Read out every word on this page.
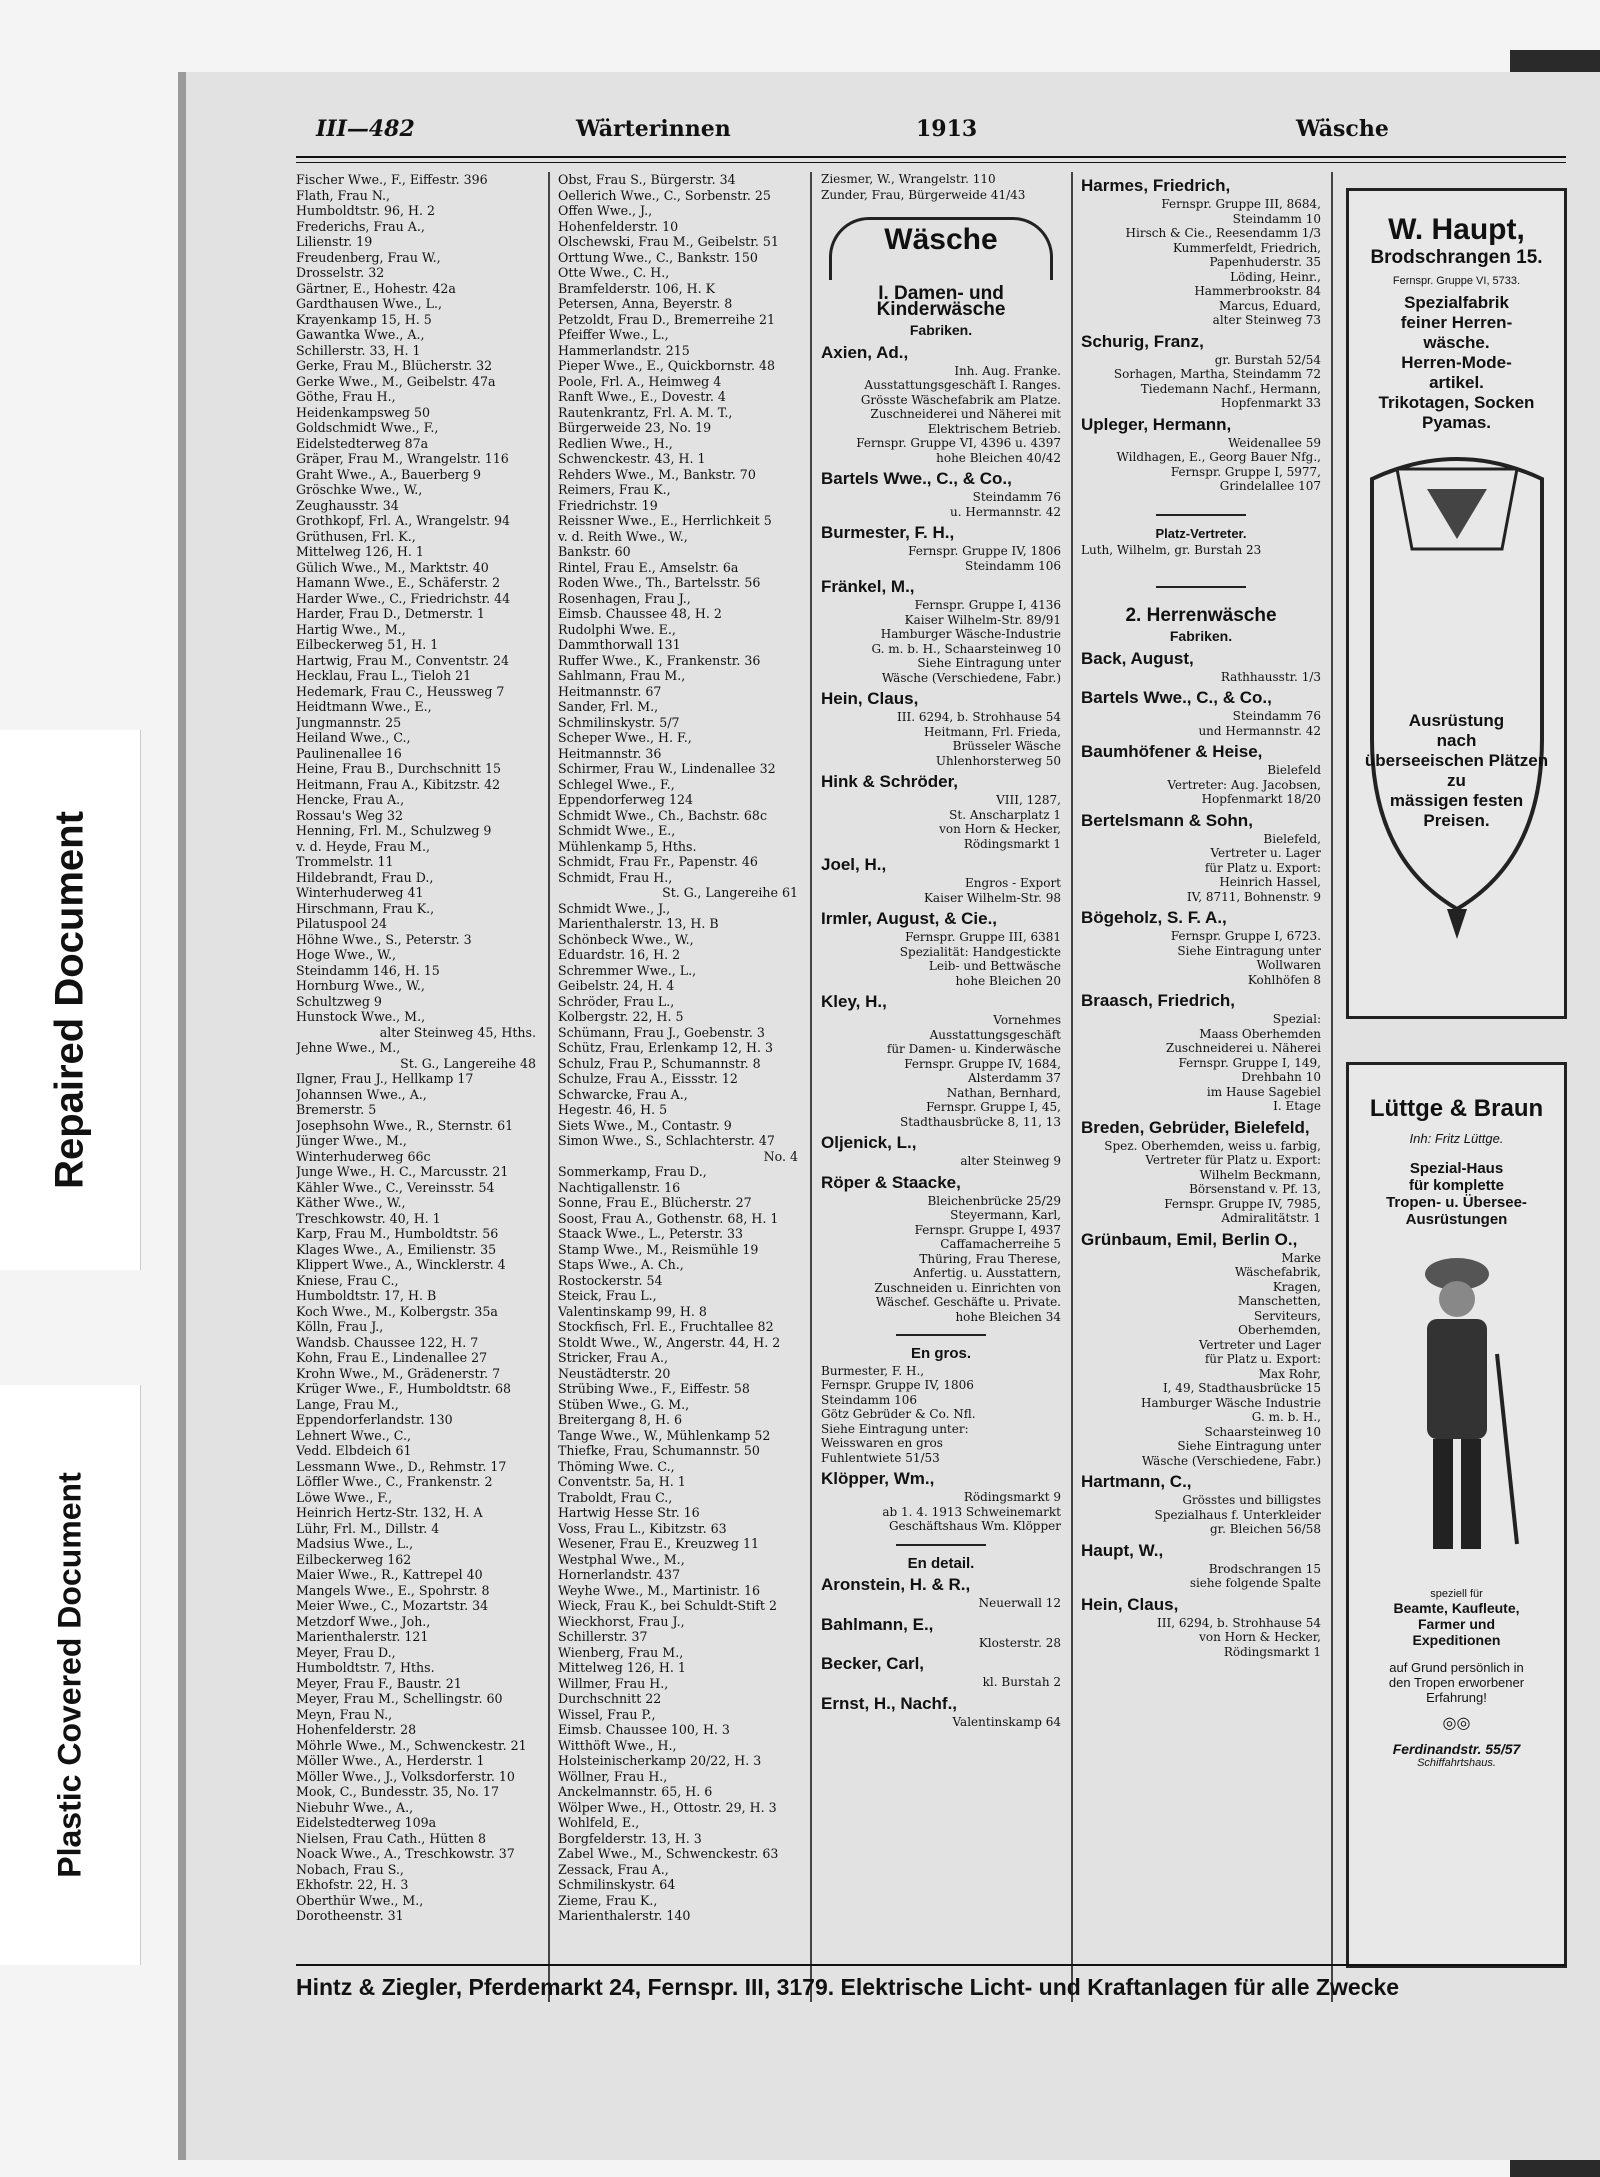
Plastic Covered Document
Repaired Document
III—482	Wärterinnen	1913	Wäsche

Fischer Wwe., F., Eiffestr. 396

Flath, Frau N.,

Humboldtstr. 96, H. 2

Frederichs, Frau A.,

Lilienstr. 19

Freudenberg, Frau W.,

Drosselstr. 32

Gärtner, E., Hohestr. 42a

Gardthausen Wwe., L.,

Krayenkamp 15, H. 5

Gawantka Wwe., A.,

Schillerstr. 33, H. 1

Gerke, Frau M., Blücherstr. 32

Gerke Wwe., M., Geibelstr. 47a

Göthe, Frau H.,

Heidenkampsweg 50

Goldschmidt Wwe., F.,

Eidelstedterweg 87a

Gräper, Frau M., Wrangelstr. 116

Graht Wwe., A., Bauerberg 9

Gröschke Wwe., W.,

Zeughausstr. 34

Grothkopf, Frl. A., Wrangelstr. 94

Grüthusen, Frl. K.,

Mittelweg 126, H. 1

Gülich Wwe., M., Marktstr. 40

Hamann Wwe., E., Schäferstr. 2

Harder Wwe., C., Friedrichstr. 44

Harder, Frau D., Detmerstr. 1

Hartig Wwe., M.,

Eilbeckerweg 51, H. 1

Hartwig, Frau M., Conventstr. 24

Hecklau, Frau L., Tieloh 21

Hedemark, Frau C., Heussweg 7

Heidtmann Wwe., E.,

Jungmannstr. 25

Heiland Wwe., C.,

Paulinenallee 16

Heine, Frau B., Durchschnitt 15

Heitmann, Frau A., Kibitzstr. 42

Hencke, Frau A.,

Rossau's Weg 32

Henning, Frl. M., Schulzweg 9

v. d. Heyde, Frau M.,

Trommelstr. 11

Hildebrandt, Frau D.,

Winterhuderweg 41

Hirschmann, Frau K.,

Pilatuspool 24

Höhne Wwe., S., Peterstr. 3

Hoge Wwe., W.,

Steindamm 146, H. 15

Hornburg Wwe., W.,

Schultzweg 9

Hunstock Wwe., M.,

alter Steinweg 45, Hths.

Jehne Wwe., M.,

St. G., Langereihe 48

Ilgner, Frau J., Hellkamp 17

Johannsen Wwe., A.,

Bremerstr. 5

Josephsohn Wwe., R., Sternstr. 61

Jünger Wwe., M.,

Winterhuderweg 66c

Junge Wwe., H. C., Marcusstr. 21

Kähler Wwe., C., Vereinsstr. 54

Käther Wwe., W.,

Treschkowstr. 40, H. 1

Karp, Frau M., Humboldtstr. 56

Klages Wwe., A., Emilienstr. 35

Klippert Wwe., A., Wincklerstr. 4

Kniese, Frau C.,

Humboldtstr. 17, H. B

Koch Wwe., M., Kolbergstr. 35a

Kölln, Frau J.,

Wandsb. Chaussee 122, H. 7

Kohn, Frau E., Lindenallee 27

Krohn Wwe., M., Grädenerstr. 7

Krüger Wwe., F., Humboldtstr. 68

Lange, Frau M.,

Eppendorferlandstr. 130

Lehnert Wwe., C.,

Vedd. Elbdeich 61

Lessmann Wwe., D., Rehmstr. 17

Löffler Wwe., C., Frankenstr. 2

Löwe Wwe., F.,

Heinrich Hertz-Str. 132, H. A

Lühr, Frl. M., Dillstr. 4

Madsius Wwe., L.,

Eilbeckerweg 162

Maier Wwe., R., Kattrepel 40

Mangels Wwe., E., Spohrstr. 8

Meier Wwe., C., Mozartstr. 34

Metzdorf Wwe., Joh.,

Marienthalerstr. 121

Meyer, Frau D.,

Humboldtstr. 7, Hths.

Meyer, Frau F., Baustr. 21

Meyer, Frau M., Schellingstr. 60

Meyn, Frau N.,

Hohenfelderstr. 28

Möhrle Wwe., M., Schwenckestr. 21

Möller Wwe., A., Herderstr. 1

Möller Wwe., J., Volksdorferstr. 10

Mook, C., Bundesstr. 35, No. 17

Niebuhr Wwe., A.,

Eidelstedterweg 109a

Nielsen, Frau Cath., Hütten 8

Noack Wwe., A., Treschkowstr. 37

Nobach, Frau S.,

Ekhofstr. 22, H. 3

Oberthür Wwe., M.,

Dorotheenstr. 31

Obst, Frau S., Bürgerstr. 34

Oellerich Wwe., C., Sorbenstr. 25

Offen Wwe., J.,

Hohenfelderstr. 10

Olschewski, Frau M., Geibelstr. 51

Orttung Wwe., C., Bankstr. 150

Otte Wwe., C. H.,

Bramfelderstr. 106, H. K

Petersen, Anna, Beyerstr. 8

Petzoldt, Frau D., Bremerreihe 21

Pfeiffer Wwe., L.,

Hammerlandstr. 215

Pieper Wwe., E., Quickbornstr. 48

Poole, Frl. A., Heimweg 4

Ranft Wwe., E., Dovestr. 4

Rautenkrantz, Frl. A. M. T.,

Bürgerweide 23, No. 19

Redlien Wwe., H.,

Schwenckestr. 43, H. 1

Rehders Wwe., M., Bankstr. 70

Reimers, Frau K.,

Friedrichstr. 19

Reissner Wwe., E., Herrlichkeit 5

v. d. Reith Wwe., W.,

Bankstr. 60

Rintel, Frau E., Amselstr. 6a

Roden Wwe., Th., Bartelsstr. 56

Rosenhagen, Frau J.,

Eimsb. Chaussee 48, H. 2

Rudolphi Wwe. E.,

Dammthorwall 131

Ruffer Wwe., K., Frankenstr. 36

Sahlmann, Frau M.,

Heitmannstr. 67

Sander, Frl. M.,

Schmilinskystr. 5/7

Scheper Wwe., H. F.,

Heitmannstr. 36

Schirmer, Frau W., Lindenallee 32

Schlegel Wwe., F.,

Eppendorferweg 124

Schmidt Wwe., Ch., Bachstr. 68c

Schmidt Wwe., E.,

Mühlenkamp 5, Hths.

Schmidt, Frau Fr., Papenstr. 46

Schmidt, Frau H.,

St. G., Langereihe 61

Schmidt Wwe., J.,

Marienthalerstr. 13, H. B

Schönbeck Wwe., W.,

Eduardstr. 16, H. 2

Schremmer Wwe., L.,

Geibelstr. 24, H. 4

Schröder, Frau L.,

Kolbergstr. 22, H. 5

Schümann, Frau J., Goebenstr. 3

Schütz, Frau, Erlenkamp 12, H. 3

Schulz, Frau P., Schumannstr. 8

Schulze, Frau A., Eissstr. 12

Schwarcke, Frau A.,

Hegestr. 46, H. 5

Siets Wwe., M., Contastr. 9

Simon Wwe., S., Schlachterstr. 47

No. 4

Sommerkamp, Frau D.,

Nachtigallenstr. 16

Sonne, Frau E., Blücherstr. 27

Soost, Frau A., Gothenstr. 68, H. 1

Staack Wwe., L., Peterstr. 33

Stamp Wwe., M., Reismühle 19

Staps Wwe., A. Ch.,

Rostockerstr. 54

Steick, Frau L.,

Valentinskamp 99, H. 8

Stockfisch, Frl. E., Fruchtallee 82

Stoldt Wwe., W., Angerstr. 44, H. 2

Stricker, Frau A.,

Neustädterstr. 20

Strübing Wwe., F., Eiffestr. 58

Stüben Wwe., G. M.,

Breitergang 8, H. 6

Tange Wwe., W., Mühlenkamp 52

Thiefke, Frau, Schumannstr. 50

Thöming Wwe. C.,

Conventstr. 5a, H. 1

Traboldt, Frau C.,

Hartwig Hesse Str. 16

Voss, Frau L., Kibitzstr. 63

Wesener, Frau E., Kreuzweg 11

Westphal Wwe., M.,

Hornerlandstr. 437

Weyhe Wwe., M., Martinistr. 16

Wieck, Frau K., bei Schuldt-Stift 2

Wieckhorst, Frau J.,

Schillerstr. 37

Wienberg, Frau M.,

Mittelweg 126, H. 1

Willmer, Frau H.,

Durchschnitt 22

Wissel, Frau P.,

Eimsb. Chaussee 100, H. 3

Witthöft Wwe., H.,

Holsteinischerkamp 20/22, H. 3

Wöllner, Frau H.,

Anckelmannstr. 65, H. 6

Wölper Wwe., H., Ottostr. 29, H. 3

Wohlfeld, E.,

Borgfelderstr. 13, H. 3

Zabel Wwe., M., Schwenckestr. 63

Zessack, Frau A.,

Schmilinskystr. 64

Zieme, Frau K.,

Marienthalerstr. 140

Ziesmer, W., Wrangelstr. 110

Zunder, Frau, Bürgerweide 41/43

Wäsche
I. Damen- und Kinderwäsche
Fabriken.
Axien, Ad.,

Inh. Aug. Franke.

Ausstattungsgeschäft I. Ranges.

Grösste Wäschefabrik am Platze.

Zuschneiderei und Näherei mit

Elektrischem Betrieb.

Fernspr. Gruppe VI, 4396 u. 4397

hohe Bleichen 40/42

Bartels Wwe., C., & Co.,

Steindamm 76

u. Hermannstr. 42

Burmester, F. H.,

Fernspr. Gruppe IV, 1806

Steindamm 106

Fränkel, M.,

Fernspr. Gruppe I, 4136

Kaiser Wilhelm-Str. 89/91

Hamburger Wäsche-Industrie

G. m. b. H., Schaarsteinweg 10

Siehe Eintragung unter

Wäsche (Verschiedene, Fabr.)

Hein, Claus,

III. 6294, b. Strohhause 54

Heitmann, Frl. Frieda,

Brüsseler Wäsche

Uhlenhorsterweg 50

Hink & Schröder,

VIII, 1287,

St. Anscharplatz 1

von Horn & Hecker,

Rödingsmarkt 1

Joel, H.,

Engros - Export

Kaiser Wilhelm-Str. 98

Irmler, August, & Cie.,

Fernspr. Gruppe III, 6381

Spezialität: Handgestickte

Leib- und Bettwäsche

hohe Bleichen 20

Kley, H.,

Vornehmes

Ausstattungsgeschäft

für Damen- u. Kinderwäsche

Fernspr. Gruppe IV, 1684,

Alsterdamm 37

Nathan, Bernhard,

Fernspr. Gruppe I, 45,

Stadthausbrücke 8, 11, 13

Oljenick, L.,

alter Steinweg 9

Röper & Staacke,

Bleichenbrücke 25/29

Steyermann, Karl,

Fernspr. Gruppe I, 4937

Caffamacherreihe 5

Thüring, Frau Therese,

Anfertig. u. Ausstattern,

Zuschneiden u. Einrichten von

Wäschef. Geschäfte u. Private.

hohe Bleichen 34

En gros.

Burmester, F. H.,

Fernspr. Gruppe IV, 1806

Steindamm 106

Götz Gebrüder & Co. Nfl.

Siehe Eintragung unter:

Weisswaren en gros

Fuhlentwiete 51/53

Klöpper, Wm.,

Rödingsmarkt 9

ab 1. 4. 1913 Schweinemarkt

Geschäftshaus Wm. Klöpper

En detail.
Aronstein, H. & R.,

Neuerwall 12

Bahlmann, E.,

Klosterstr. 28

Becker, Carl,

kl. Burstah 2

Ernst, H., Nachf.,

Valentinskamp 64

Harmes, Friedrich,

Fernspr. Gruppe III, 8684,

Steindamm 10

Hirsch & Cie., Reesendamm 1/3

Kummerfeldt, Friedrich,

Papenhuderstr. 35

Löding, Heinr.,

Hammerbrookstr. 84

Marcus, Eduard,

alter Steinweg 73

Schurig, Franz,

gr. Burstah 52/54

Sorhagen, Martha, Steindamm 72

Tiedemann Nachf., Hermann,

Hopfenmarkt 33

Upleger, Hermann,

Weidenallee 59

Wildhagen, E., Georg Bauer Nfg.,

Fernspr. Gruppe I, 5977,

Grindelallee 107

Platz-Vertreter.

Luth, Wilhelm, gr. Burstah 23

2. Herrenwäsche
Fabriken.
Back, August,

Rathhausstr. 1/3

Bartels Wwe., C., & Co.,

Steindamm 76

und Hermannstr. 42

Baumhöfener & Heise,

Bielefeld

Vertreter: Aug. Jacobsen,

Hopfenmarkt 18/20

Bertelsmann & Sohn,

Bielefeld,

Vertreter u. Lager

für Platz u. Export:

Heinrich Hassel,

IV, 8711, Bohnenstr. 9

Bögeholz, S. F. A.,

Fernspr. Gruppe I, 6723.

Siehe Eintragung unter

Wollwaren

Kohlhöfen 8

Braasch, Friedrich,

Spezial:

Maass Oberhemden

Zuschneiderei u. Näherei

Fernspr. Gruppe I, 149,

Drehbahn 10

im Hause Sagebiel

I. Etage

Breden, Gebrüder, Bielefeld,

Spez. Oberhemden, weiss u. farbig,

Vertreter für Platz u. Export:

Wilhelm Beckmann,

Börsenstand v. Pf. 13,

Fernspr. Gruppe IV, 7985,

Admiralitätstr. 1

Grünbaum, Emil, Berlin O.,

Marke

Wäschefabrik,

Kragen,

Manschetten,

Serviteurs,

Oberhemden,

Vertreter und Lager

für Platz u. Export:

Max Rohr,

I, 49, Stadthausbrücke 15

Hamburger Wäsche Industrie

G. m. b. H.,

Schaarsteinweg 10

Siehe Eintragung unter

Wäsche (Verschiedene, Fabr.)

Hartmann, C.,

Grösstes und billigstes

Spezialhaus f. Unterkleider

gr. Bleichen 56/58

Haupt, W.,

Brodschrangen 15

siehe folgende Spalte

Hein, Claus,

III, 6294, b. Strohhause 54

von Horn & Hecker,

Rödingsmarkt 1

W. Haupt,
Brodschrangen 15.
Fernspr. Gruppe VI, 5733.
Spezialfabrik
feiner Herren-
wäsche.
Herren-Mode-
artikel.
Trikotagen, Socken
Pyamas.
Ausrüstung
nach
überseeischen Plätzen
zu
mässigen festen
Preisen.
Lüttge & Braun
Inh: Fritz Lüttge.
Spezial-Haus
für komplette
Tropen- u. Übersee-
Ausrüstungen
speziell für
Beamte, Kaufleute,
Farmer und
Expeditionen
auf Grund persönlich in
den Tropen erworbener
Erfahrung!
◎◎
Ferdinandstr. 55/57
Schiffahrtshaus.
Hintz & Ziegler, Pferdemarkt 24, Fernspr. III, 3179. Elektrische Licht- und Kraftanlagen für alle Zwecke
